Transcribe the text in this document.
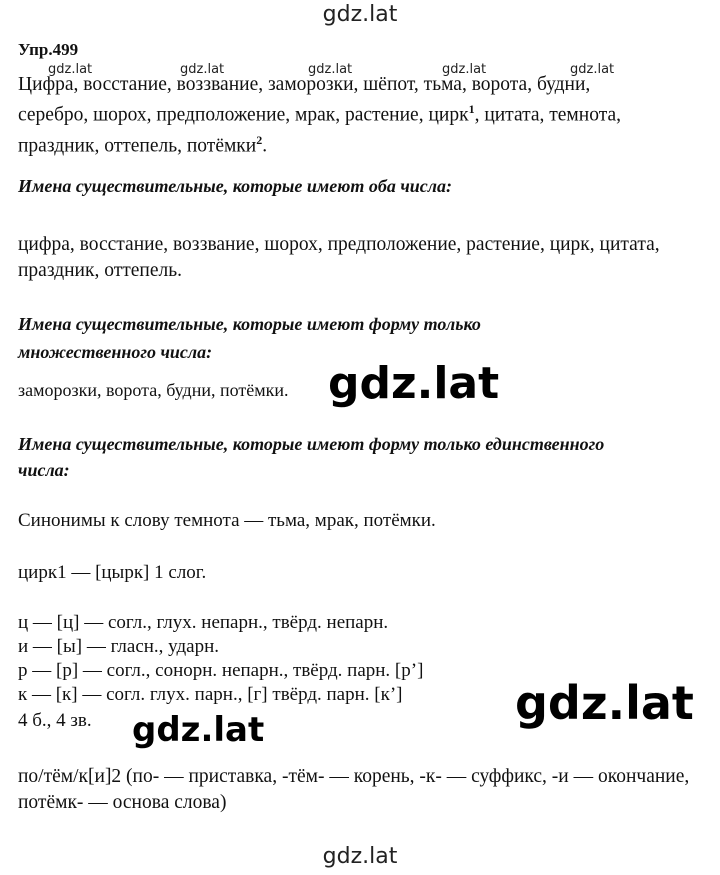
gdz.lat
Упр.499
gdz.lat	gdz.lat	gdz.lat	gdz.lat	gdz.lat
Цифра, восстание, воззвание, заморозки, шёпот, тьма, ворота, будни,
серебро, шорох, предположение, мрак, растение, цирк$^1$, цитата, темнота,
праздник, оттепель, потёмки$^2$.
Имена существительные, которые имеют оба числа:
цифра, восстание, воззвание, шорох, предположение, растение, цирк, цитата, праздник, оттепель.
Имена существительные, которые имеют форму только
множественного числа:
заморозки, ворота, будни, потёмки. gdz.lat
Имена существительные, которые имеют форму только единственного
числа:
Синонимы к слову темнота — тьма, мрак, потёмки.
цирк1 — [цырк] 1 слог.
ц — [ц] — согл., глух. непарн., твёрд. непарн.
и — [ы] — гласн., ударн.
р — [р] — согл., сонорн. непарн., твёрд. парн. [р’]
к — [к] — согл. глух. парн., [г] твёрд. парн. [к’]
4 б., 4 зв.	gdz.lat
gdz.lat
по/тём/к[и]2 (по- — приставка, -тём- — корень, -к- — суффикс, -и — окончание, потёмк- — основа слова)
gdz.lat
